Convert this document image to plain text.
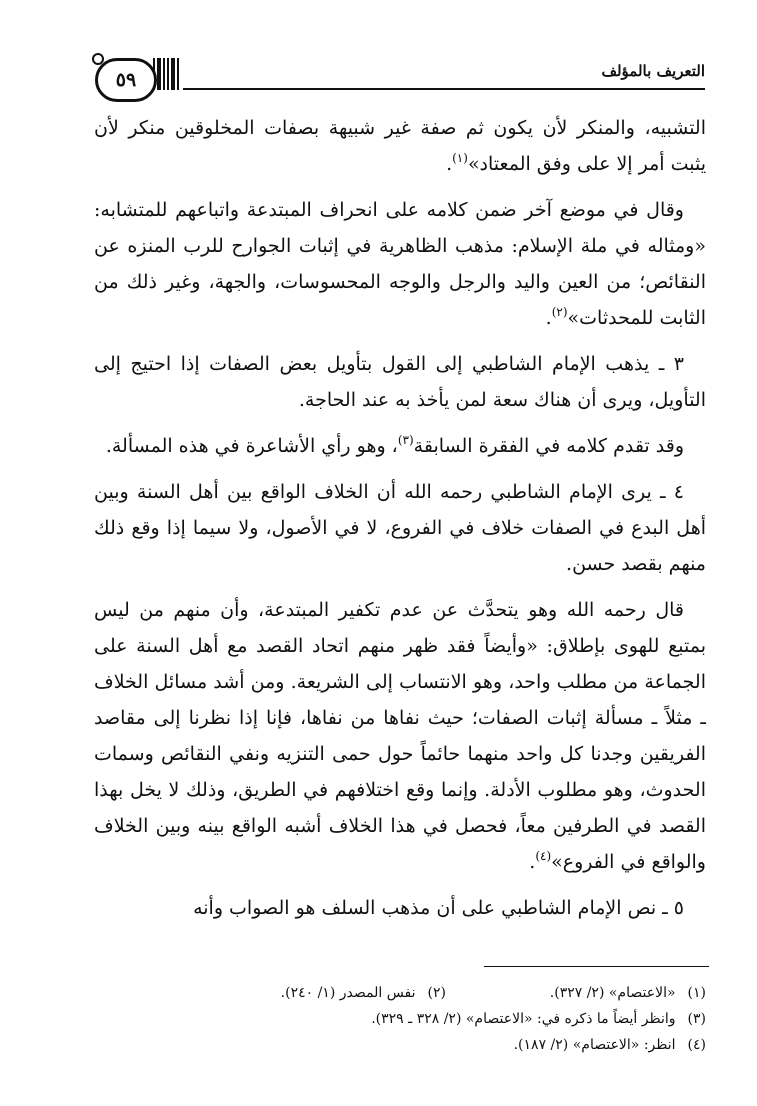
التعريف بالمؤلف
٥٩

التشبيه، والمنكر لأن يكون ثم صفة غير شبيهة بصفات المخلوقين منكر لأن يثبت أمر إلا على وفق المعتاد»$^{(١)}$.

وقال في موضع آخر ضمن كلامه على انحراف المبتدعة واتباعهم للمتشابه: «ومثاله في ملة الإسلام: مذهب الظاهرية في إثبات الجوارح للرب المنزه عن النقائص؛ من العين واليد والرجل والوجه المحسوسات، والجهة، وغير ذلك من الثابت للمحدثات»$^{(٢)}$.

٣ ـ يذهب الإمام الشاطبي إلى القول بتأويل بعض الصفات إذا احتيج إلى التأويل، ويرى أن هناك سعة لمن يأخذ به عند الحاجة.

وقد تقدم كلامه في الفقرة السابقة$^{(٣)}$، وهو رأي الأشاعرة في هذه المسألة.

٤ ـ يرى الإمام الشاطبي رحمه الله أن الخلاف الواقع بين أهل السنة وبين أهل البدع في الصفات خلاف في الفروع، لا في الأصول، ولا سيما إذا وقع ذلك منهم بقصد حسن.

قال رحمه الله وهو يتحدَّث عن عدم تكفير المبتدعة، وأن منهم من ليس بمتبع للهوى بإطلاق: «وأيضاً فقد ظهر منهم اتحاد القصد مع أهل السنة على الجماعة من مطلب واحد، وهو الانتساب إلى الشريعة. ومن أشد مسائل الخلاف ـ مثلاً ـ مسألة إثبات الصفات؛ حيث نفاها من نفاها، فإنا إذا نظرنا إلى مقاصد الفريقين وجدنا كل واحد منهما حائماً حول حمى التنزيه ونفي النقائص وسمات الحدوث، وهو مطلوب الأدلة. وإنما وقع اختلافهم في الطريق، وذلك لا يخل بهذا القصد في الطرفين معاً، فحصل في هذا الخلاف أشبه الواقع بينه وبين الخلاف والواقع في الفروع»$^{(٤)}$.

٥ ـ نص الإمام الشاطبي على أن مذهب السلف هو الصواب وأنه

(١)«الاعتصام» (٢/ ٣٢٧).
(٢)نفس المصدر (١/ ٢٤٠).
(٣)وانظر أيضاً ما ذكره في: «الاعتصام» (٢/ ٣٢٨ ـ ٣٢٩).
(٤)انظر: «الاعتصام» (٢/ ١٨٧).
